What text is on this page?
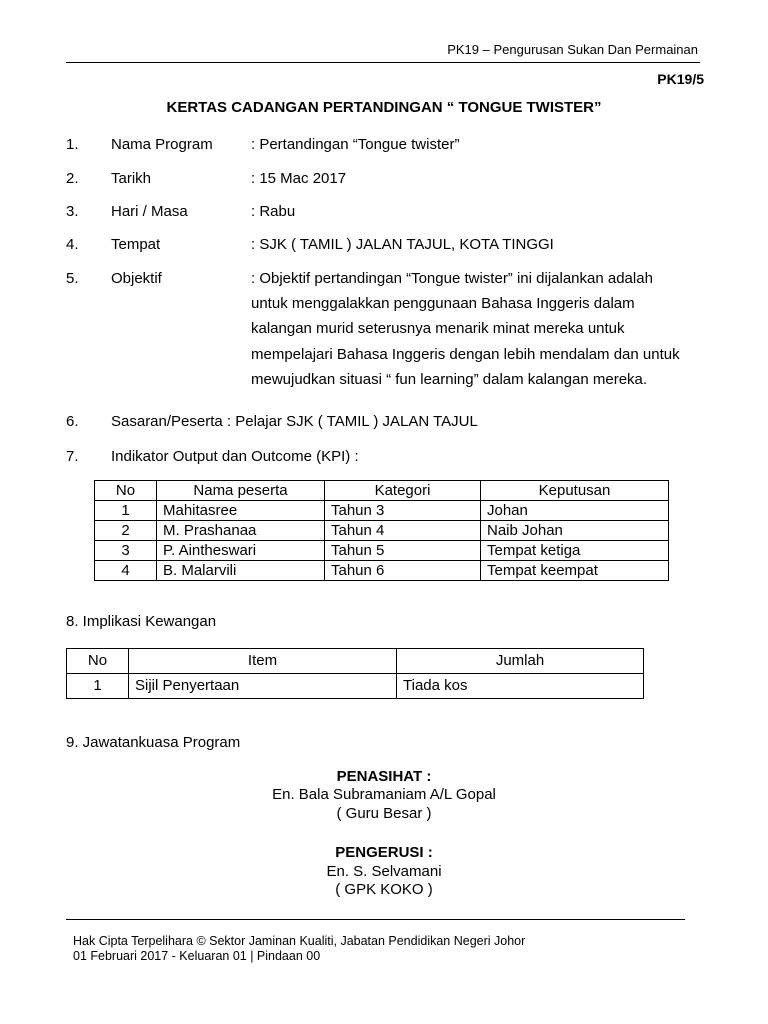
PK19 – Pengurusan Sukan Dan Permainan
PK19/5
KERTAS CADANGAN PERTANDINGAN “ TONGUE TWISTER”
1. Nama Program	: Pertandingan “Tongue twister”
2. Tarikh	: 15 Mac 2017
3. Hari / Masa	: Rabu
4. Tempat	: SJK ( TAMIL ) JALAN TAJUL, KOTA TINGGI
5. Objektif	: Objektif pertandingan “Tongue twister” ini dijalankan adalah
untuk menggalakkan penggunaan Bahasa Inggeris dalam
kalangan murid seterusnya menarik minat mereka untuk
mempelajari Bahasa Inggeris dengan lebih mendalam dan untuk
mewujudkan situasi “ fun learning” dalam kalangan mereka.
6. Sasaran/Peserta : Pelajar SJK ( TAMIL ) JALAN TAJUL
7. Indikator Output dan Outcome (KPI) :
No	Nama peserta	Kategori	Keputusan
1	Mahitasree	Tahun 3	Johan
2	M. Prashanaa	Tahun 4	Naib Johan
3	P. Aintheswari	Tahun 5	Tempat ketiga
4	B. Malarvili	Tahun 6	Tempat keempat
8. Implikasi Kewangan
No	Item	Jumlah
1	Sijil Penyertaan	Tiada kos
9. Jawatankuasa Program
PENASIHAT :
En. Bala Subramaniam A/L Gopal
( Guru Besar )
PENGERUSI :
En. S. Selvamani
( GPK KOKO )
Hak Cipta Terpelihara © Sektor Jaminan Kualiti, Jabatan Pendidikan Negeri Johor
01 Februari 2017 - Keluaran 01 | Pindaan 00
